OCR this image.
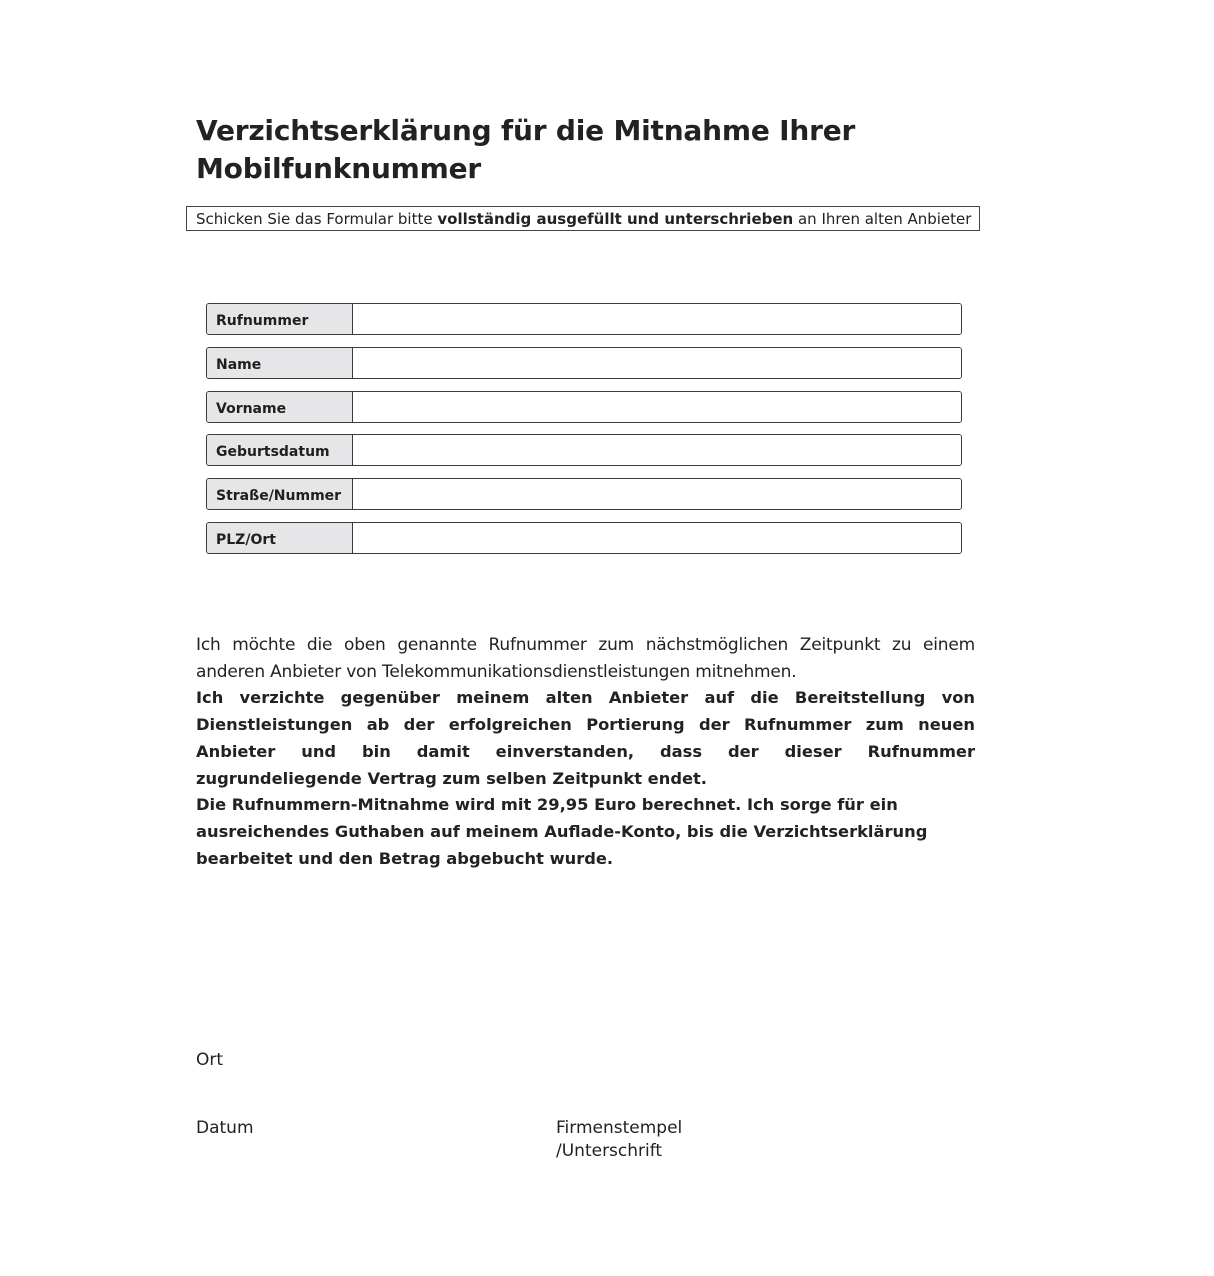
Verzichtserklärung für die Mitnahme Ihrer Mobilfunknummer
Schicken Sie das Formular bitte vollständig ausgefüllt und unterschrieben an Ihren alten Anbieter
Rufnummer
Name
Vorname
Geburtsdatum
Straße/Nummer
PLZ/Ort

Ich möchte die oben genannte Rufnummer zum nächstmöglichen Zeitpunkt zu einem anderen Anbieter von Telekommunikationsdienstleistungen mitnehmen.

Ich verzichte gegenüber meinem alten Anbieter auf die Bereitstellung von Dienstleistungen ab der erfolgreichen Portierung der Rufnummer zum neuen Anbieter und bin damit einverstanden, dass der dieser Rufnummer zugrundeliegende Vertrag zum selben Zeitpunkt endet.

Die Rufnummern-Mitnahme wird mit 29,95 Euro berechnet. Ich sorge für ein ausreichendes Guthaben auf meinem Auflade-Konto, bis die Verzichtserklärung bearbeitet und den Betrag abgebucht wurde.

Ort

Datum	Firmenstempel

/Unterschrift
